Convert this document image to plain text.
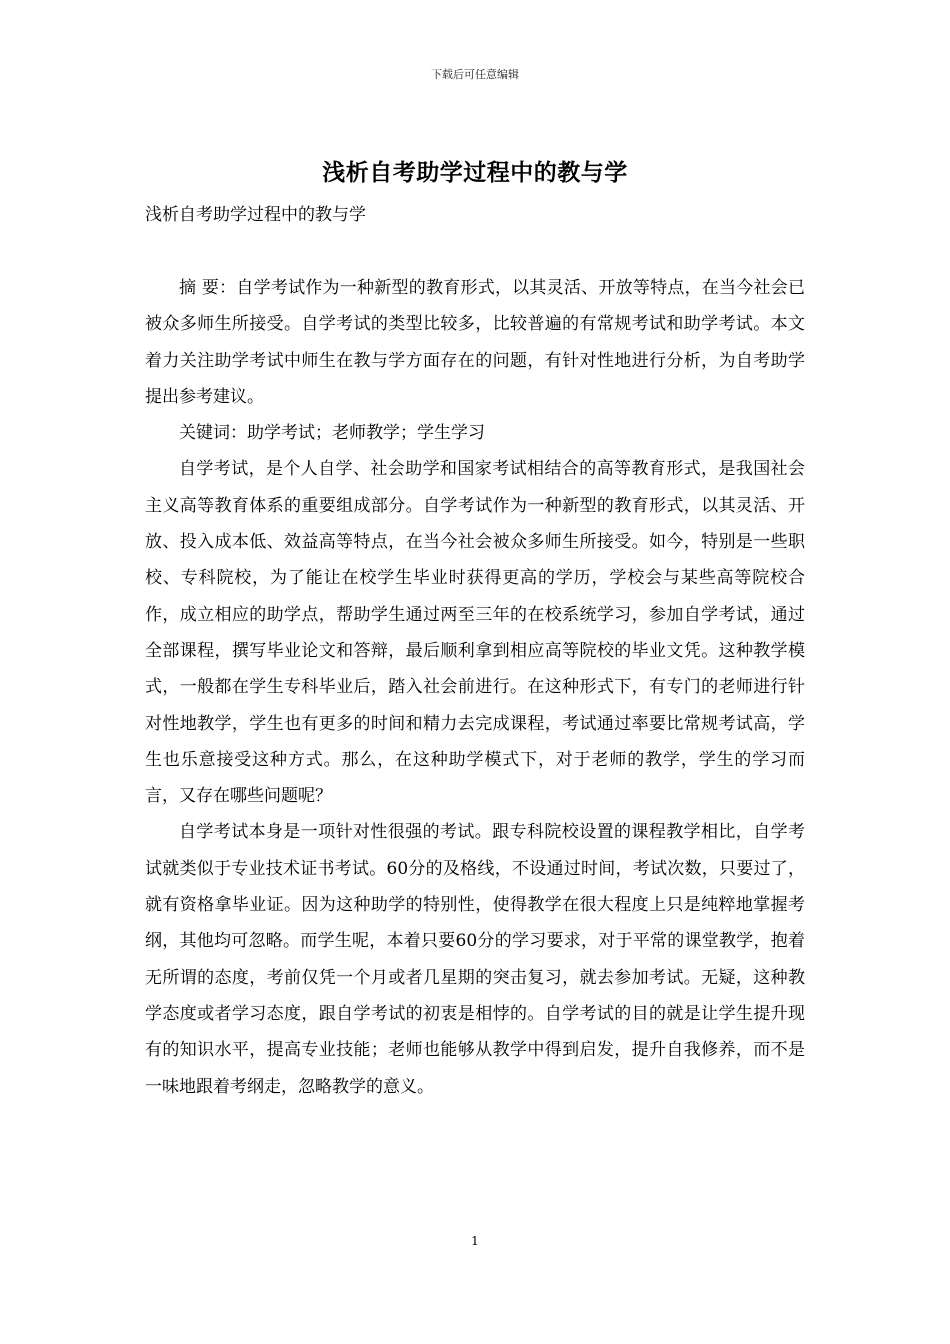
下载后可任意编辑
浅析自考助学过程中的教与学
浅析自考助学过程中的教与学

摘 要：自学考试作为一种新型的教育形式，以其灵活、开放等特点，在当今社会已被众多师生所接受。自学考试的类型比较多，比较普遍的有常规考试和助学考试。本文着力关注助学考试中师生在教与学方面存在的问题，有针对性地进行分析，为自考助学提出参考建议。

关键词：助学考试；老师教学；学生学习

自学考试，是个人自学、社会助学和国家考试相结合的高等教育形式，是我国社会主义高等教育体系的重要组成部分。自学考试作为一种新型的教育形式，以其灵活、开放、投入成本低、效益高等特点，在当今社会被众多师生所接受。如今，特别是一些职校、专科院校，为了能让在校学生毕业时获得更高的学历，学校会与某些高等院校合作，成立相应的助学点，帮助学生通过两至三年的在校系统学习，参加自学考试，通过全部课程，撰写毕业论文和答辩，最后顺利拿到相应高等院校的毕业文凭。这种教学模式，一般都在学生专科毕业后，踏入社会前进行。在这种形式下，有专门的老师进行针对性地教学，学生也有更多的时间和精力去完成课程，考试通过率要比常规考试高，学生也乐意接受这种方式。那么，在这种助学模式下，对于老师的教学，学生的学习而言，又存在哪些问题呢？

自学考试本身是一项针对性很强的考试。跟专科院校设置的课程教学相比，自学考试就类似于专业技术证书考试。60分的及格线，不设通过时间，考试次数，只要过了，就有资格拿毕业证。因为这种助学的特别性，使得教学在很大程度上只是纯粹地掌握考纲，其他均可忽略。而学生呢，本着只要60分的学习要求，对于平常的课堂教学，抱着无所谓的态度，考前仅凭一个月或者几星期的突击复习，就去参加考试。无疑，这种教学态度或者学习态度，跟自学考试的初衷是相悖的。自学考试的目的就是让学生提升现有的知识水平，提高专业技能；老师也能够从教学中得到启发，提升自我修养，而不是一味地跟着考纲走，忽略教学的意义。

1
